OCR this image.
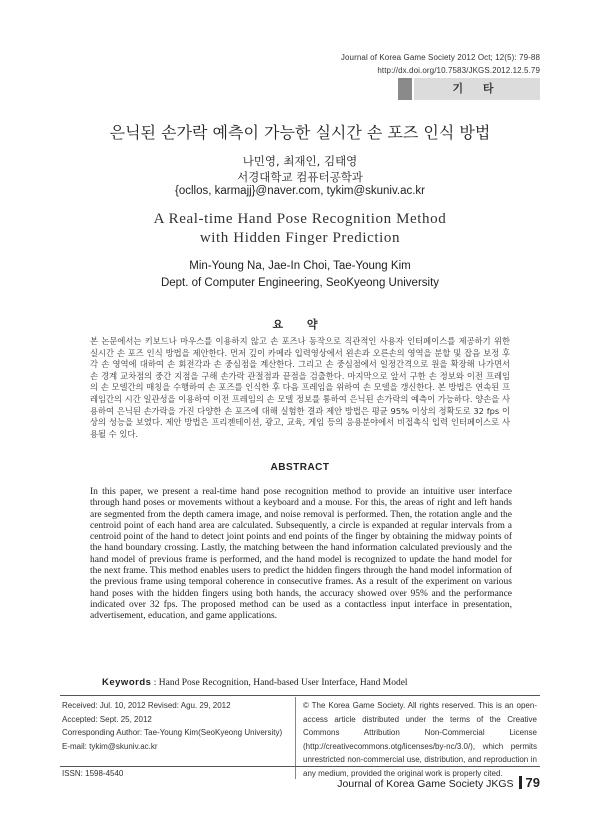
Journal of Korea Game Society 2012 Oct; 12(5): 79-88
http://dx.doi.org/10.7583/JKGS.2012.12.5.79
기 타
은닉된 손가락 예측이 가능한 실시간 손 포즈 인식 방법
나민영, 최재인, 김태영
서경대학교 컴퓨터공학과
{ocllos, karmajj}@naver.com, tykim@skuniv.ac.kr
A Real-time Hand Pose Recognition Method
with Hidden Finger Prediction
Min-Young Na, Jae-In Choi, Tae-Young Kim
Dept. of Computer Engineering, SeoKyeong University
요 약
본 논문에서는 키보드나 마우스를 이용하지 않고 손 포즈나 동작으로 직관적인 사용자 인터페이스를 제공하기 위한 실시간 손 포즈 인식 방법을 제안한다. 먼저 깊이 카메라 입력영상에서 왼손과 오른손의 영역을 분할 및 잡음 보정 후 각 손 영역에 대하여 손 회전각과 손 중심점을 계산한다. 그리고 손 중심점에서 일정간격으로 원을 확장해 나가면서 손 경계 교차점의 중간 지점을 구해 손가락 관절점과 끝점을 검출한다. 마지막으로 앞서 구한 손 정보와 이전 프레임의 손 모델간의 매칭을 수행하여 손 포즈를 인식한 후 다음 프레임을 위하여 손 모델을 갱신한다. 본 방법은 연속된 프레임간의 시간 일관성을 이용하여 이전 프레임의 손 모델 정보를 통하여 은닉된 손가락의 예측이 가능하다. 양손을 사용하여 은닉된 손가락을 가진 다양한 손 포즈에 대해 실험한 결과 제안 방법은 평균 95% 이상의 정확도로 32 fps 이상의 성능을 보였다. 제안 방법은 프리젠테이션, 광고, 교육, 게임 등의 응용분야에서 비접촉식 입력 인터페이스로 사용될 수 있다.
ABSTRACT
In this paper, we present a real-time hand pose recognition method to provide an intuitive user interface through hand poses or movements without a keyboard and a mouse. For this, the areas of right and left hands are segmented from the depth camera image, and noise removal is performed. Then, the rotation angle and the centroid point of each hand area are calculated. Subsequently, a circle is expanded at regular intervals from a centroid point of the hand to detect joint points and end points of the finger by obtaining the midway points of the hand boundary crossing. Lastly, the matching between the hand information calculated previously and the hand model of previous frame is performed, and the hand model is recognized to update the hand model for the next frame. This method enables users to predict the hidden fingers through the hand model information of the previous frame using temporal coherence in consecutive frames. As a result of the experiment on various hand poses with the hidden fingers using both hands, the accuracy showed over 95% and the performance indicated over 32 fps. The proposed method can be used as a contactless input interface in presentation, advertisement, education, and game applications.
Keywords : Hand Pose Recognition, Hand-based User Interface, Hand Model
Received: Jul. 10, 2012 Revised: Agu. 29, 2012
Accepted: Sept. 25, 2012
Corresponding Author: Tae-Young Kim(SeoKyeong University)
E-mail: tykim@skuniv.ac.kr
ISSN: 1598-4540
© The Korea Game Society. All rights reserved. This is an open-access article distributed under the terms of the Creative Commons Attribution Non-Commercial License (http://creativecommons.otg/licenses/by-nc/3.0/), which permits unrestricted non-commercial use, distribution, and reproduction in any medium, provided the original work is properly cited.
Journal of Korea Game Society JKGS 79
